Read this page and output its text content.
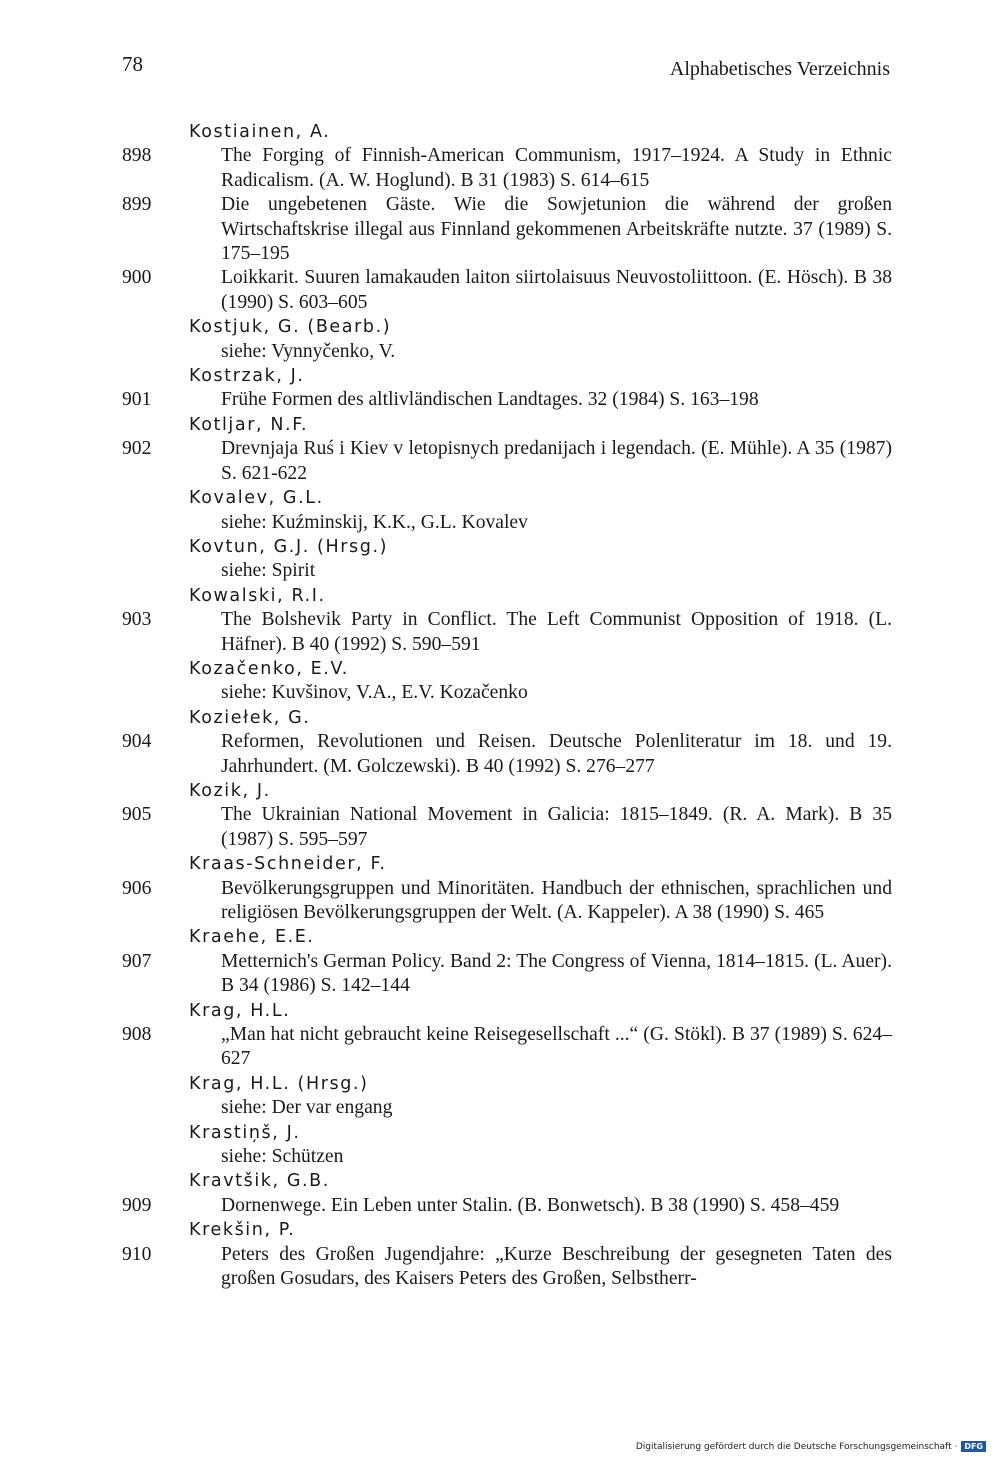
78	Alphabetisches Verzeichnis
Kostiainen, A.
898	The Forging of Finnish-American Communism, 1917–1924. A Study in Ethnic Radicalism. (A. W. Hoglund). B 31 (1983) S. 614–615
899	Die ungebetenen Gäste. Wie die Sowjetunion die während der großen Wirtschaftskrise illegal aus Finnland gekommenen Arbeitskräfte nutzte. 37 (1989) S. 175–195
900	Loikkarit. Suuren lamakauden laiton siirtolaisuus Neuvostoliittoon. (E. Hösch). B 38 (1990) S. 603–605
Kostjuk, G. (Bearb.)
siehe: Vynnyčenko, V.
Kostrzak, J.
901	Frühe Formen des altlivländischen Landtages. 32 (1984) S. 163–198
Kotljar, N.F.
902	Drevnjaja Ruś i Kiev v letopisnych predanijach i legendach. (E. Mühle). A 35 (1987) S. 621-622
Kovalev, G.L.
siehe: Kuźminskij, K.K., G.L. Kovalev
Kovtun, G.J. (Hrsg.)
siehe: Spirit
Kowalski, R.I.
903	The Bolshevik Party in Conflict. The Left Communist Opposition of 1918. (L. Häfner). B 40 (1992) S. 590–591
Kozačenko, E.V.
siehe: Kuvšinov, V.A., E.V. Kozačenko
Koziełek, G.
904	Reformen, Revolutionen und Reisen. Deutsche Polenliteratur im 18. und 19. Jahrhundert. (M. Golczewski). B 40 (1992) S. 276–277
Kozik, J.
905	The Ukrainian National Movement in Galicia: 1815–1849. (R. A. Mark). B 35 (1987) S. 595–597
Kraas-Schneider, F.
906	Bevölkerungsgruppen und Minoritäten. Handbuch der ethnischen, sprachlichen und religiösen Bevölkerungsgruppen der Welt. (A. Kappeler). A 38 (1990) S. 465
Kraehe, E.E.
907	Metternich's German Policy. Band 2: The Congress of Vienna, 1814–1815. (L. Auer). B 34 (1986) S. 142–144
Krag, H.L.
908	„Man hat nicht gebraucht keine Reisegesellschaft ...“ (G. Stökl). B 37 (1989) S. 624–627
Krag, H.L. (Hrsg.)
siehe: Der var engang
Krastiņš, J.
siehe: Schützen
Kravtšik, G.B.
909	Dornenwege. Ein Leben unter Stalin. (B. Bonwetsch). B 38 (1990) S. 458–459
Krekšin, P.
910	Peters des Großen Jugendjahre: „Kurze Beschreibung der gesegneten Taten des großen Gosudars, des Kaisers Peters des Großen, Selbstherr-
Digitalisierung gefördert durch die Deutsche Forschungsgemeinschaft · DFG
